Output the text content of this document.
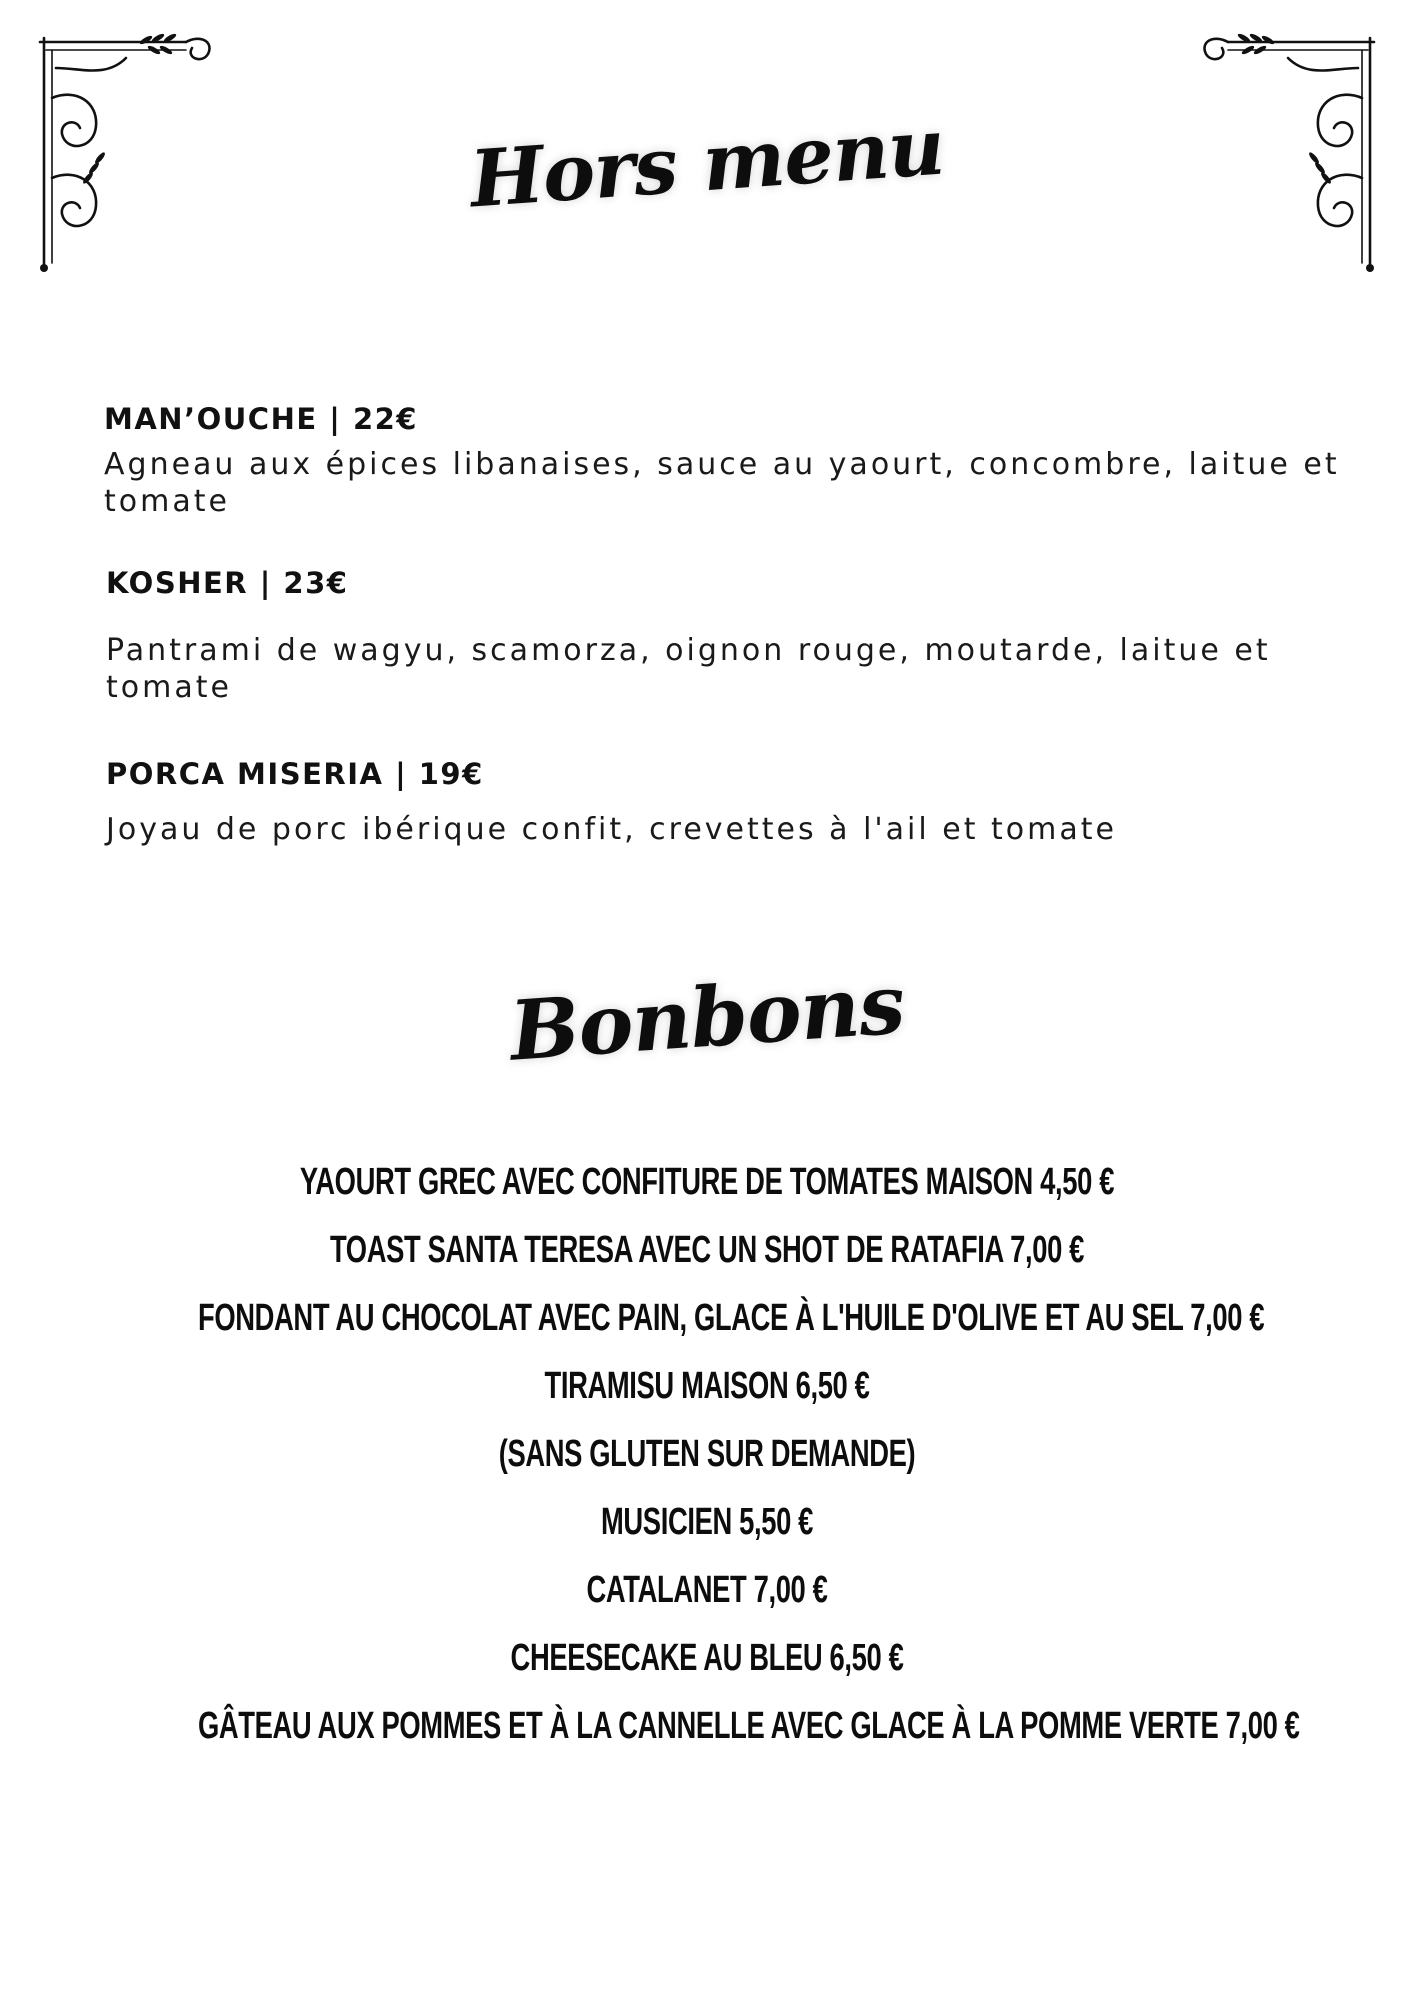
Hors menu
MAN’OUCHE | 22€
Agneau aux épices libanaises, sauce au yaourt, concombre, laitue et tomate
KOSHER | 23€
Pantrami de wagyu, scamorza, oignon rouge, moutarde, laitue et tomate
PORCA MISERIA | 19€
Joyau de porc ibérique confit, crevettes à l'ail et tomate
Bonbons
YAOURT GREC AVEC CONFITURE DE TOMATES MAISON 4,50 €
TOAST SANTA TERESA AVEC UN SHOT DE RATAFIA 7,00 €
FONDANT AU CHOCOLAT AVEC PAIN, GLACE À L'HUILE D'OLIVE ET AU SEL 7,00 €
TIRAMISU MAISON 6,50 €
(SANS GLUTEN SUR DEMANDE)
MUSICIEN 5,50 €
CATALANET 7,00 €
CHEESECAKE AU BLEU 6,50 €
GÂTEAU AUX POMMES ET À LA CANNELLE AVEC GLACE À LA POMME VERTE 7,00 €
